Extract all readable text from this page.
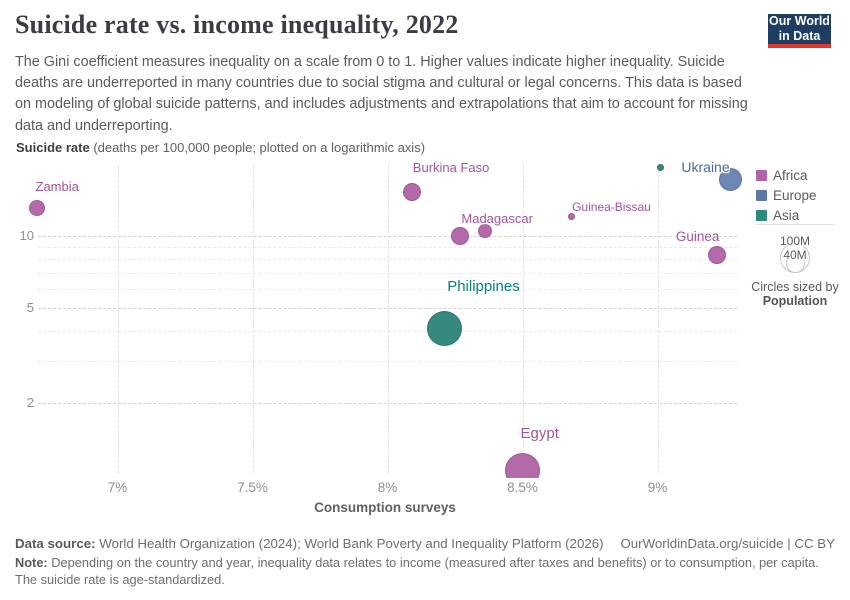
Suicide rate vs. income inequality, 2022	Our World
in Data

The Gini coefficient measures inequality on a scale from 0 to 1. Higher values indicate higher inequality. Suicide deaths are underreported in many countries due to social stigma and cultural or legal concerns. This data is based on modeling of global suicide patterns, and includes adjustments and extrapolations that aim to account for missing data and underreporting.

Suicide rate (deaths per 100,000 people; plotted on a logarithmic axis)
Zambia
Burkina Faso
Madagascar
Guinea-Bissau
Ukraine
Guinea
Philippines
Egypt
10
5
2
7%	7.5%	8%	8.5%	9%
Consumption surveys
Africa
Europe
Asia
100M
40M
Circles sized by
Population
Data source: World Health Organization (2024); World Bank Poverty and Inequality Platform (2026) OurWorldinData.org/suicide | CC BY
Note: Depending on the country and year, inequality data relates to income (measured after taxes and benefits) or to consumption, per capita. The suicide rate is age-standardized.
